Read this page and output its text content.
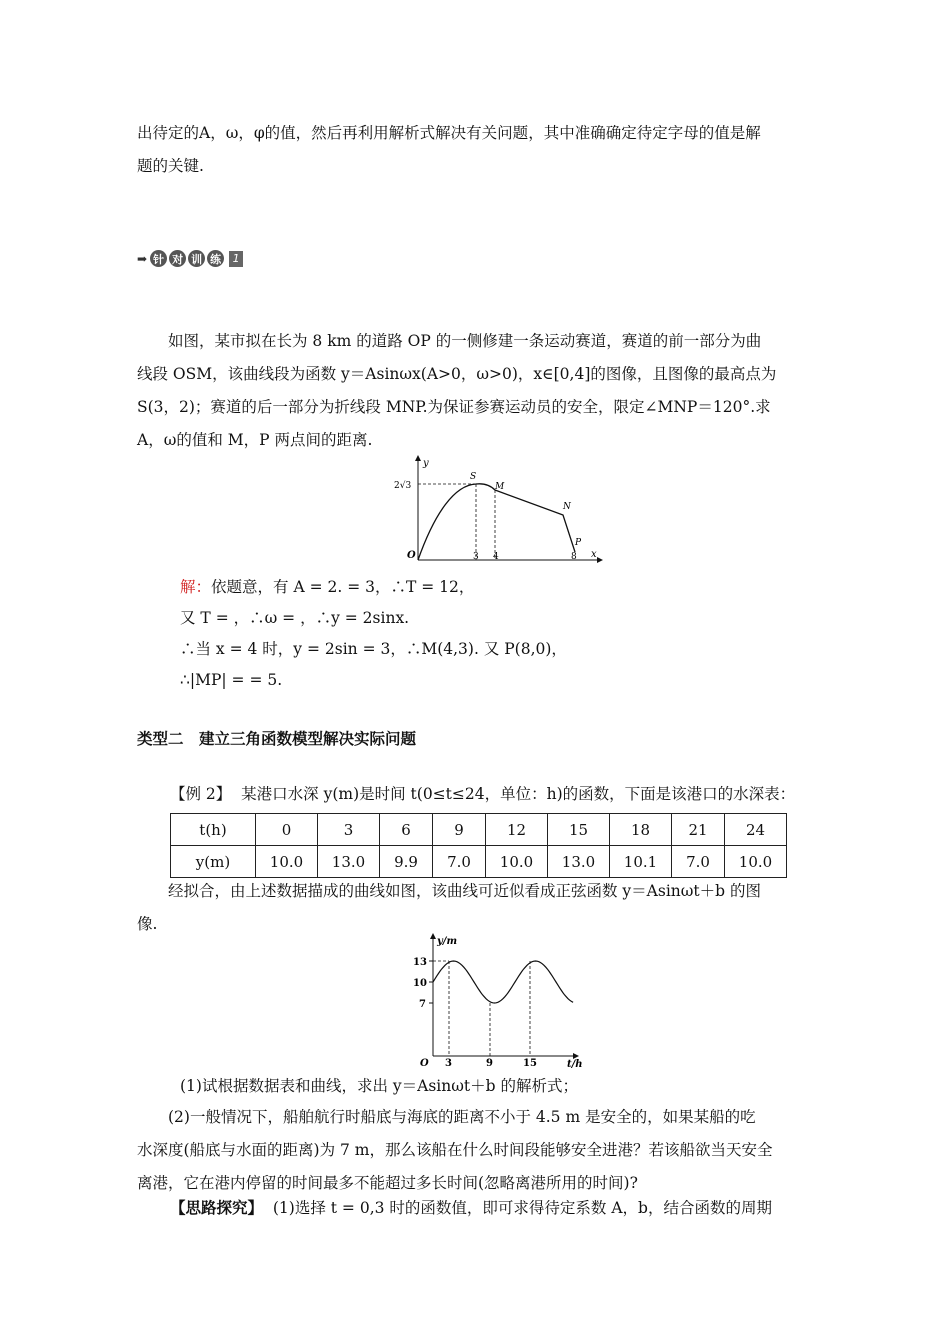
出待定的A，ω，φ的值，然后再利用解析式解决有关问题，其中准确确定待定字母的值是解
题的关键.
➡ 针 对 训 练	1
如图，某市拟在长为 8 km 的道路 OP 的一侧修建一条运动赛道，赛道的前一部分为曲
线段 OSM，该曲线段为函数 y＝Asinωx(A>0，ω>0)，x∈[0,4]的图像，且图像的最高点为
S(3，2)；赛道的后一部分为折线段 MNP.为保证参赛运动员的安全，限定∠MNP＝120°.求
A，ω的值和 M，P 两点间的距离.
y
x
O
2√3
3 4	8
S
M
N
P
解：依题意，有 A = 2. = 3，∴T = 12，
又 T = ，∴ω = ，∴y = 2sinx.
∴当 x = 4 时，y = 2sin = 3，∴M(4,3). 又 P(8,0)，
∴|MP| = = 5.
类型二　建立三角函数模型解决实际问题
【例 2】 某港口水深 y(m)是时间 t(0≤t≤24，单位：h)的函数，下面是该港口的水深表：
t(h)	0	3	6	9	12	15	18	21	24
y(m)	10.0	13.0	9.9	7.0	10.0	13.0	10.1	7.0	10.0
经拟合，由上述数据描成的曲线如图，该曲线可近似看成正弦函数 y＝Asinωt＋b 的图
像.
y/m
t/h
O
13
10
7
3	9	15
(1)试根据数据表和曲线，求出 y＝Asinωt＋b 的解析式；
(2)一般情况下，船舶航行时船底与海底的距离不小于 4.5 m 是安全的，如果某船的吃
水深度(船底与水面的距离)为 7 m，那么该船在什么时间段能够安全进港？若该船欲当天安全
离港，它在港内停留的时间最多不能超过多长时间(忽略离港所用的时间)?
【思路探究】 (1)选择 t = 0,3 时的函数值，即可求得待定系数 A，b，结合函数的周期
